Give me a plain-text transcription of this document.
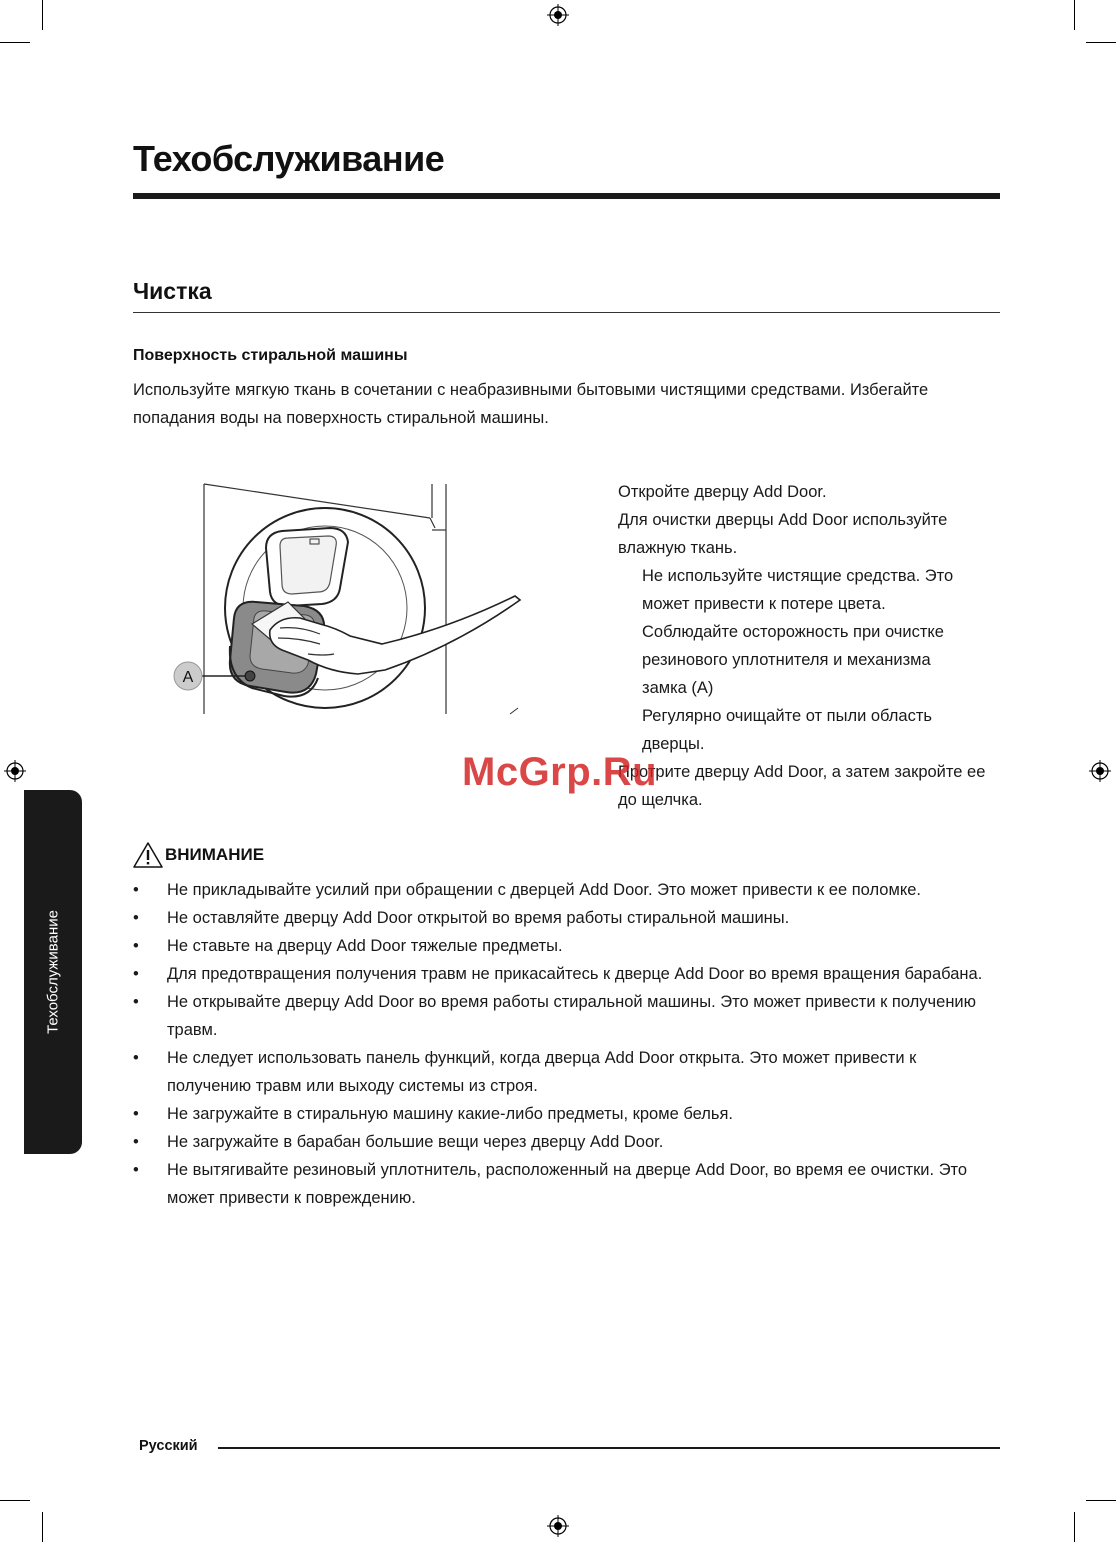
Техобслуживание
Чистка
Поверхность стиральной машины
Используйте мягкую ткань в сочетании с неабразивными бытовыми чистящими средствами. Избегайте
попадания воды на поверхность стиральной машины.
A

Откройте дверцу Add Door.

Для очистки дверцы Add Door используйте

влажную ткань.

Не используйте чистящие средства. Это

может привести к потере цвета.

Соблюдайте осторожность при очистке

резинового уплотнителя и механизма

замка (А)

Регулярно очищайте от пыли область

дверцы.

Протрите дверцу Add Door, а затем закройте ее

до щелчка.

McGrp.Ru
ВНИМАНИЕ
• Не прикладывайте усилий при обращении с дверцей Add Door. Это может привести к ее поломке.
• Не оставляйте дверцу Add Door открытой во время работы стиральной машины.
• Не ставьте на дверцу Add Door тяжелые предметы.
• Для предотвращения получения травм не прикасайтесь к дверце Add Door во время вращения барабана.
• Не открывайте дверцу Add Door во время работы стиральной машины. Это может привести к получению
травм.
• Не следует использовать панель функций, когда дверца Add Door открыта. Это может привести к
получению травм или выходу системы из строя.
• Не загружайте в стиральную машину какие-либо предметы, кроме белья.
• Не загружайте в барабан большие вещи через дверцу Add Door.
• Не вытягивайте резиновый уплотнитель, расположенный на дверце Add Door, во время ее очистки. Это
может привести к повреждению.
Техобслуживание
Русский
